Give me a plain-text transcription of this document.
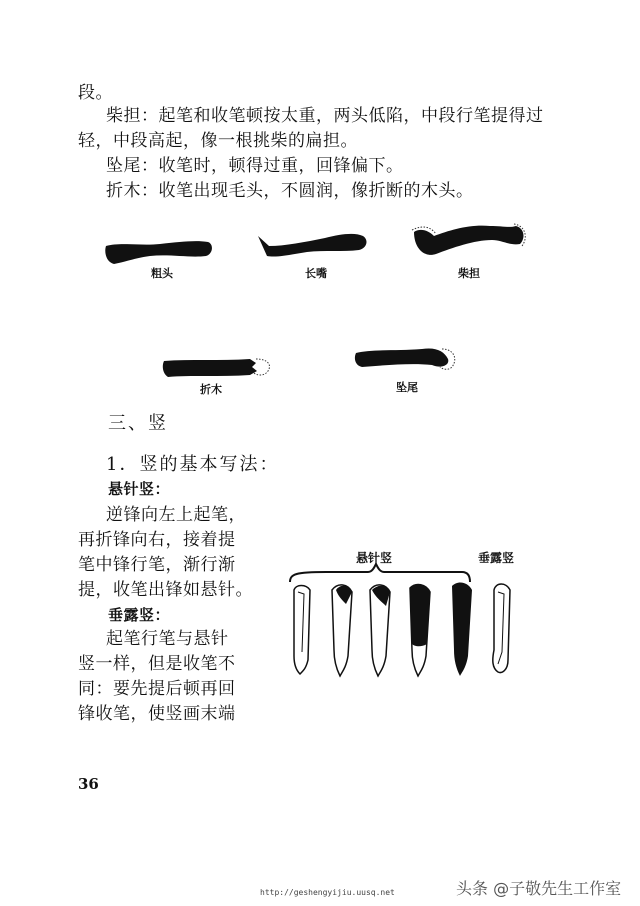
段。
柴担：起笔和收笔顿按太重，两头低陷，中段行笔提得过
轻，中段高起，像一根挑柴的扁担。
坠尾：收笔时，顿得过重，回锋偏下。
折木：收笔出现毛头，不圆润，像折断的木头。
粗头	长嘴	柴担
折木	坠尾
三、竖
1．竖的基本写法：
悬针竖：
逆锋向左上起笔，
再折锋向右，接着提
笔中锋行笔，渐行渐
提，收笔出锋如悬针。
垂露竖：
起笔行笔与悬针
竖一样，但是收笔不
同：要先提后顿再回
锋收笔，使竖画末端
悬针竖	垂露竖
36
http://geshengyijiu.uusq.net	头条 @子敬先生工作室
